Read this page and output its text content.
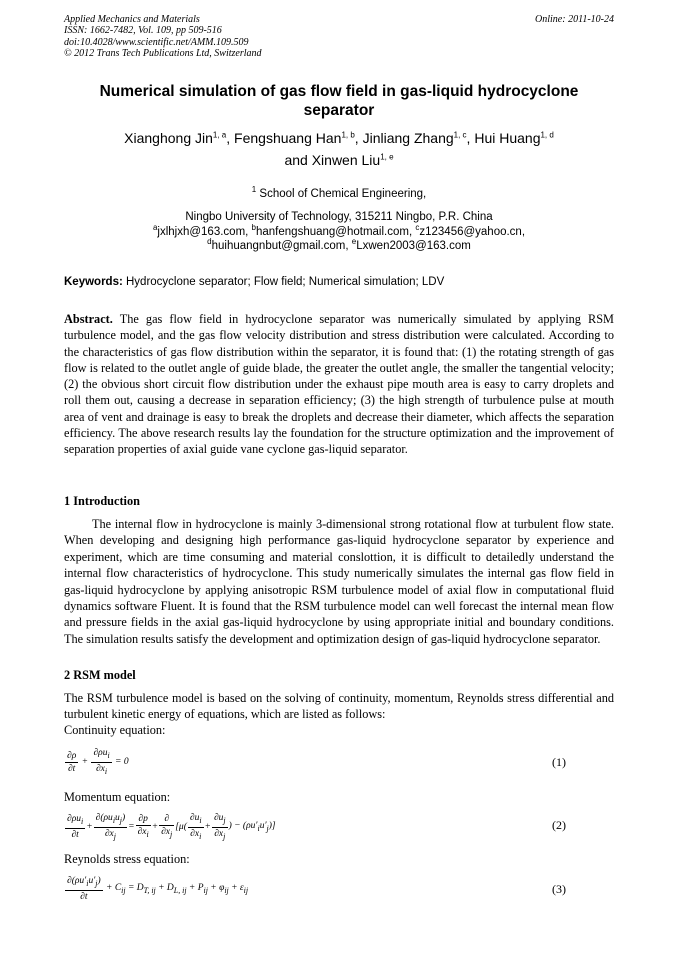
Applied Mechanics and Materials
ISSN: 1662-7482, Vol. 109, pp 509-516
doi:10.4028/www.scientific.net/AMM.109.509
© 2012 Trans Tech Publications Ltd, Switzerland
Online: 2011-10-24
Numerical simulation of gas flow field in gas-liquid hydrocyclone
separator
Xianghong Jin$^{1, a}$, Fengshuang Han$^{1, b}$, Jinliang Zhang$^{1, c}$, Hui Huang$^{1, d}$
and Xinwen Liu$^{1, e}$
$^1$ School of Chemical Engineering,
Ningbo University of Technology, 315211 Ningbo, P.R. China
$^a$jxlhjxh@163.com, $^b$hanfengshuang@hotmail.com, $^c$z123456@yahoo.cn,
$^d$huihuangnbut@gmail.com, $^e$Lxwen2003@163.com
Keywords: Hydrocyclone separator; Flow field; Numerical simulation; LDV
Abstract. The gas flow field in hydrocyclone separator was numerically simulated by applying RSM turbulence model, and the gas flow velocity distribution and stress distribution were calculated. According to the characteristics of gas flow distribution within the separator, it is found that: (1) the rotating strength of gas flow is related to the outlet angle of guide blade, the greater the outlet angle, the smaller the tangential velocity; (2) the obvious short circuit flow distribution under the exhaust pipe mouth area is easy to carry droplets and roll them out, causing a decrease in separation efficiency; (3) the high strength of turbulence pulse at mouth area of vent and drainage is easy to break the droplets and decrease their diameter, which affects the separation efficiency. The above research results lay the foundation for the structure optimization and the improvement of separation properties of axial guide vane cyclone gas-liquid separator.
1 Introduction
The internal flow in hydrocyclone is mainly 3-dimensional strong rotational flow at turbulent flow state. When developing and designing high performance gas-liquid hydrocyclone separator by experience and experiment, which are time consuming and material conslottion, it is difficult to detailedly understand the internal flow characteristics of hydrocyclone. This study numerically simulates the internal gas flow field in gas-liquid hydrocyclone by applying anisotropic RSM turbulence model of axial flow in computational fluid dynamics software Fluent. It is found that the RSM turbulence model can well forecast the internal mean flow and pressure fields in the axial gas-liquid hydrocyclone by using appropriate initial and boundary conditions. The simulation results satisfy the development and optimization design of gas-liquid hydrocyclone separator.
2 RSM model
The RSM turbulence model is based on the solving of continuity, momentum, Reynolds stress differential and turbulent kinetic energy of equations, which are listed as follows:
Continuity equation:
$\frac{\partial\rho}{\partial t} + \frac{\partial\rho u_i}{\partial x_i} = 0$	(1)
Momentum equation:
$\frac{\partial\rho u_i}{\partial t} + \frac{\partial(\rho u_iu_j)}{\partial x_j} = \frac{\partial p}{\partial x_i} + \frac{\partial}{\partial x_j} [\mu( \frac{\partial u_i}{\partial x_i} + \frac{\partial u_j}{\partial x_j}$ ) − $(\rho u'_iu'_j)$]	(2)
Reynolds stress equation:
$\frac{\partial(\rho u'_iu'_j)}{\partial t} + C_{ij} = D_{T, ij} + D_{L, ij} + P_{ij} + \varphi_{ij} + \varepsilon_{ij}$	(3)
